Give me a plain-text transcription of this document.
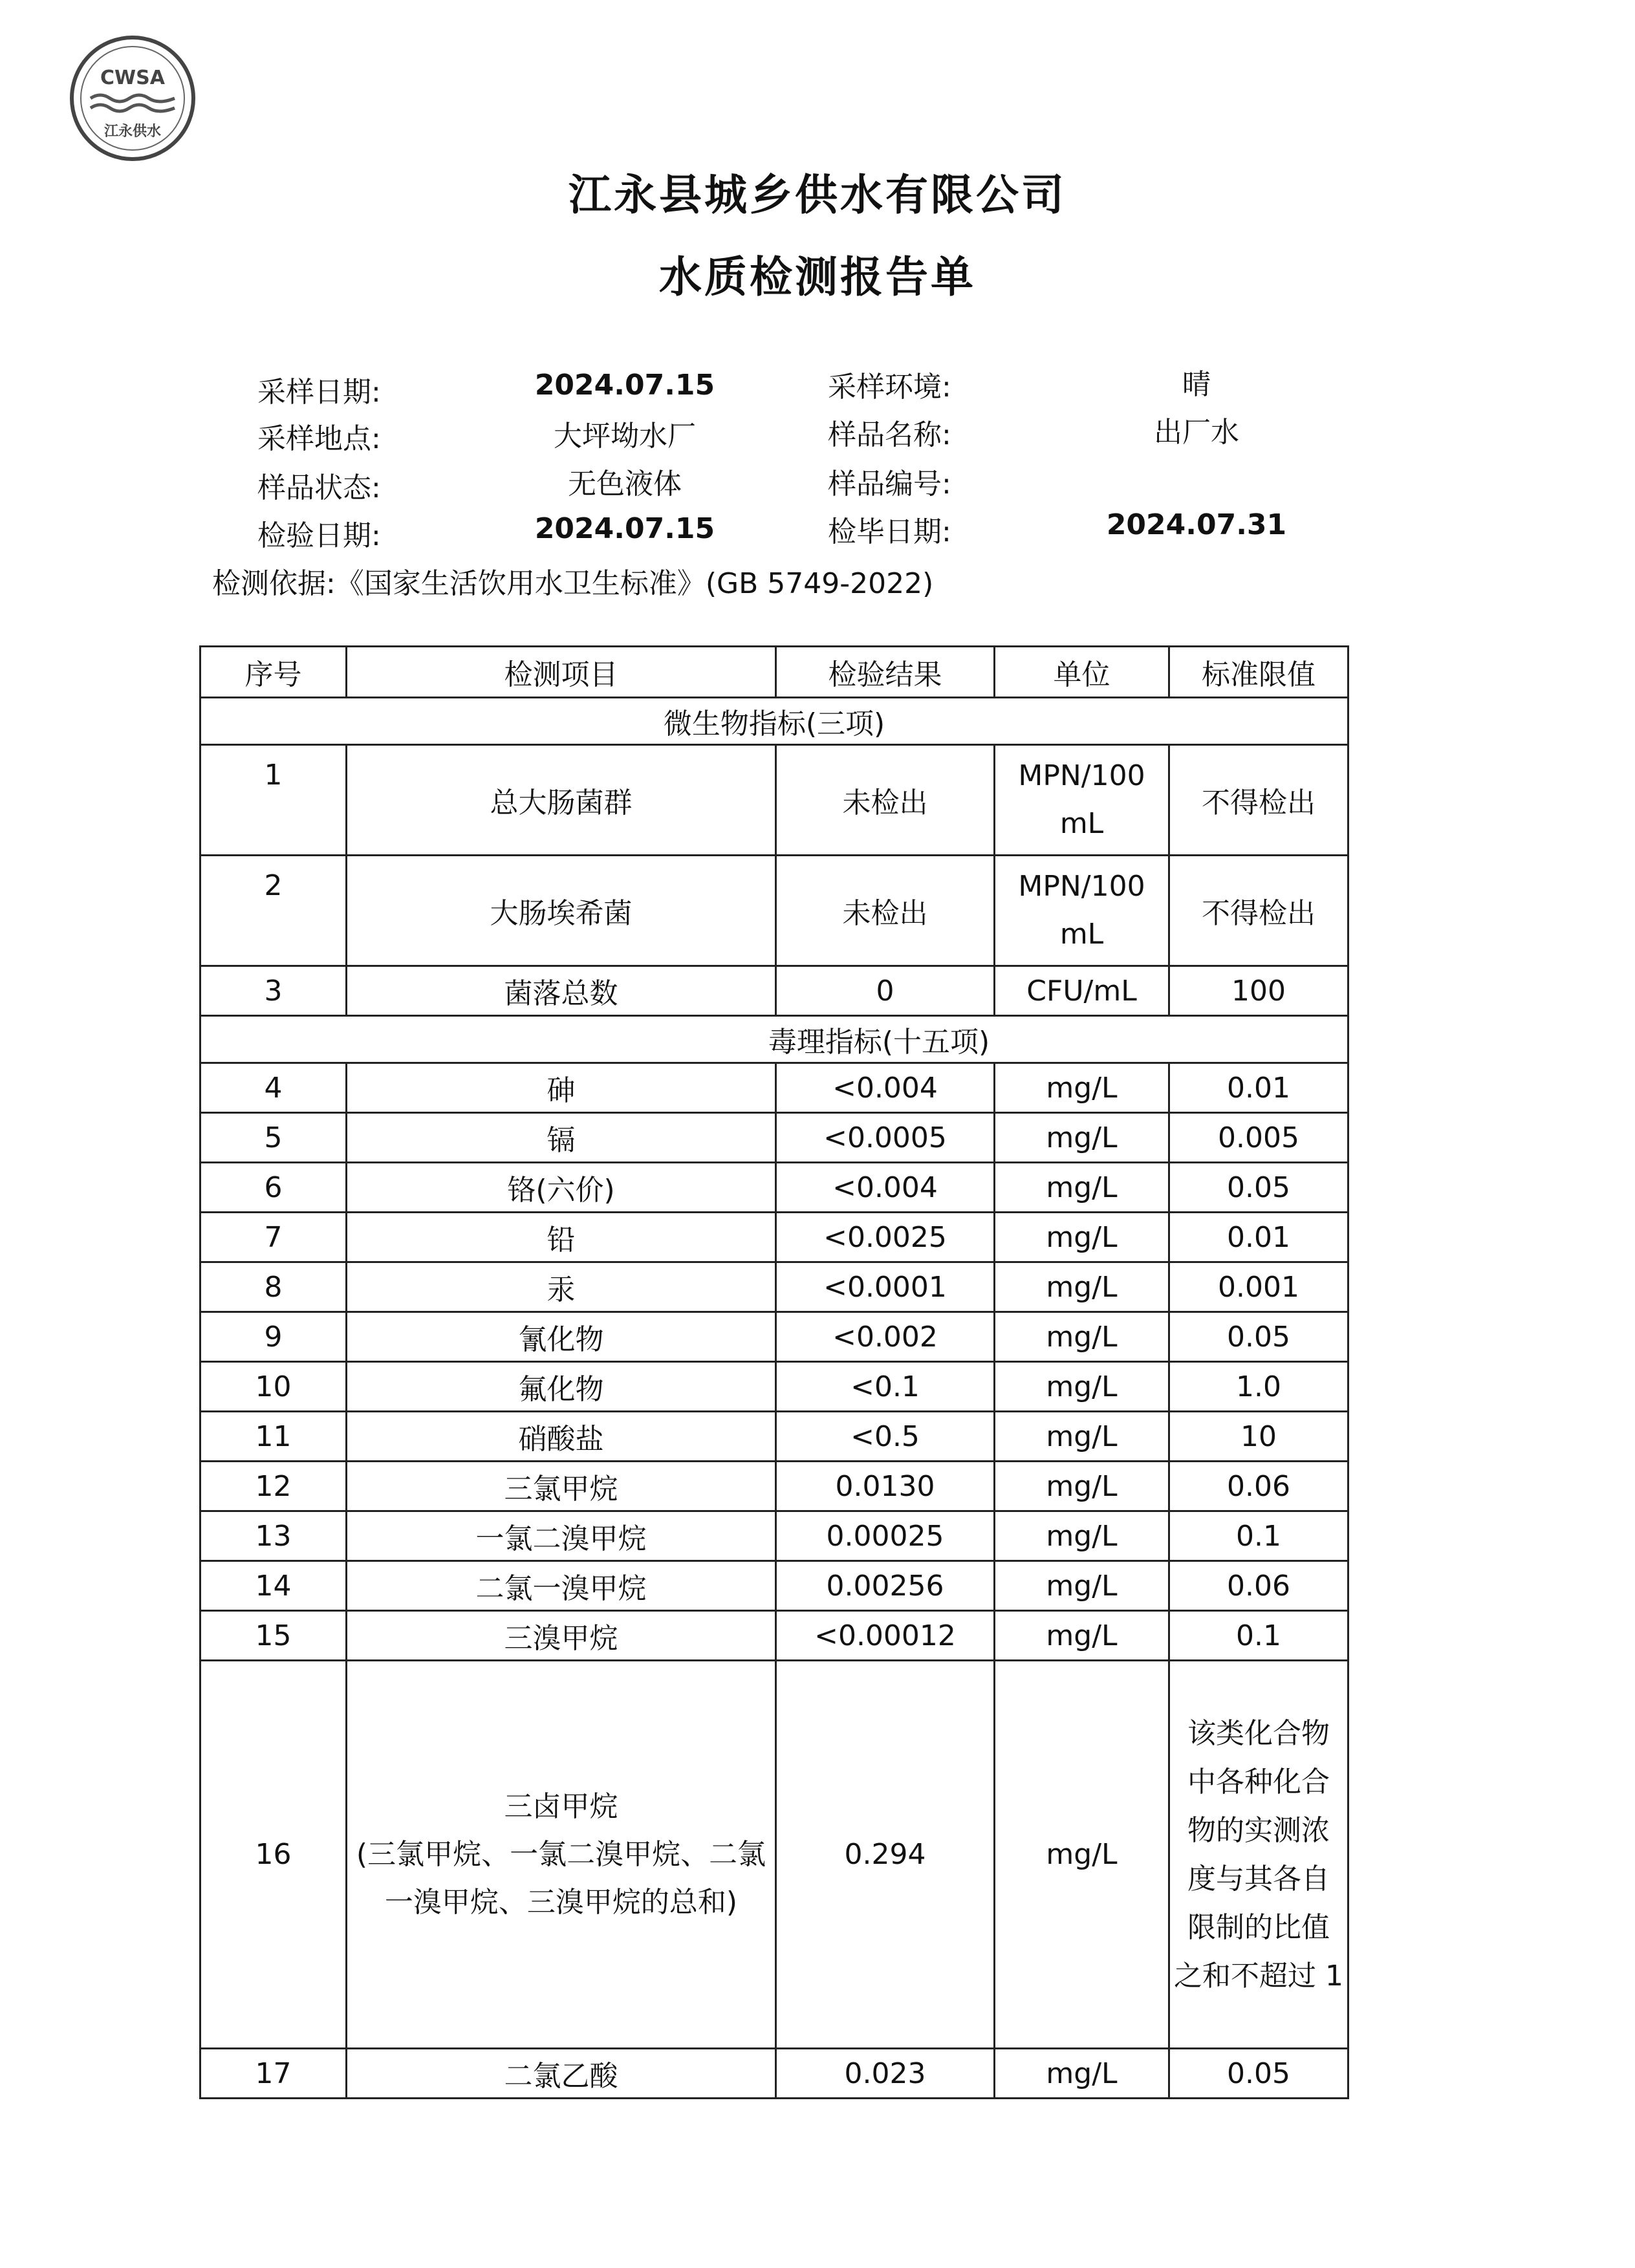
CWSA
江永供水
江永县城乡供水有限公司
水质检测报告单
采样日期:	2024.07.15	采样环境:	晴
采样地点:	大坪坳水厂	样品名称:	出厂水
样品状态:	无色液体	样品编号:
检验日期:	2024.07.15	检毕日期:	2024.07.31
检测依据:《国家生活饮用水卫生标准》(GB 5749-2022)
序号	检测项目	检验结果	单位	标准限值
微生物指标(三项)				
1	总大肠菌群	未检出	MPN/100 mL	不得检出
2	大肠埃希菌	未检出	MPN/100 mL	不得检出
3	菌落总数	0	CFU/mL	100
毒理指标(十五项)				
4	砷	<0.004	mg/L	0.01
5	镉	<0.0005	mg/L	0.005
6	铬(六价)	<0.004	mg/L	0.05
7	铅	<0.0025	mg/L	0.01
8	汞	<0.0001	mg/L	0.001
9	氰化物	<0.002	mg/L	0.05
10	氟化物	<0.1	mg/L	1.0
11	硝酸盐	<0.5	mg/L	10
12	三氯甲烷	0.0130	mg/L	0.06
13	一氯二溴甲烷	0.00025	mg/L	0.1
14	二氯一溴甲烷	0.00256	mg/L	0.06
15	三溴甲烷	<0.00012	mg/L	0.1
16	三卤甲烷
(三氯甲烷、一氯二溴甲烷、二氯一溴甲烷、三溴甲烷的总和)	0.294	mg/L	该类化合物中各种化合物的实测浓度与其各自限制的比值之和不超过 1
17	二氯乙酸	0.023	mg/L	0.05
